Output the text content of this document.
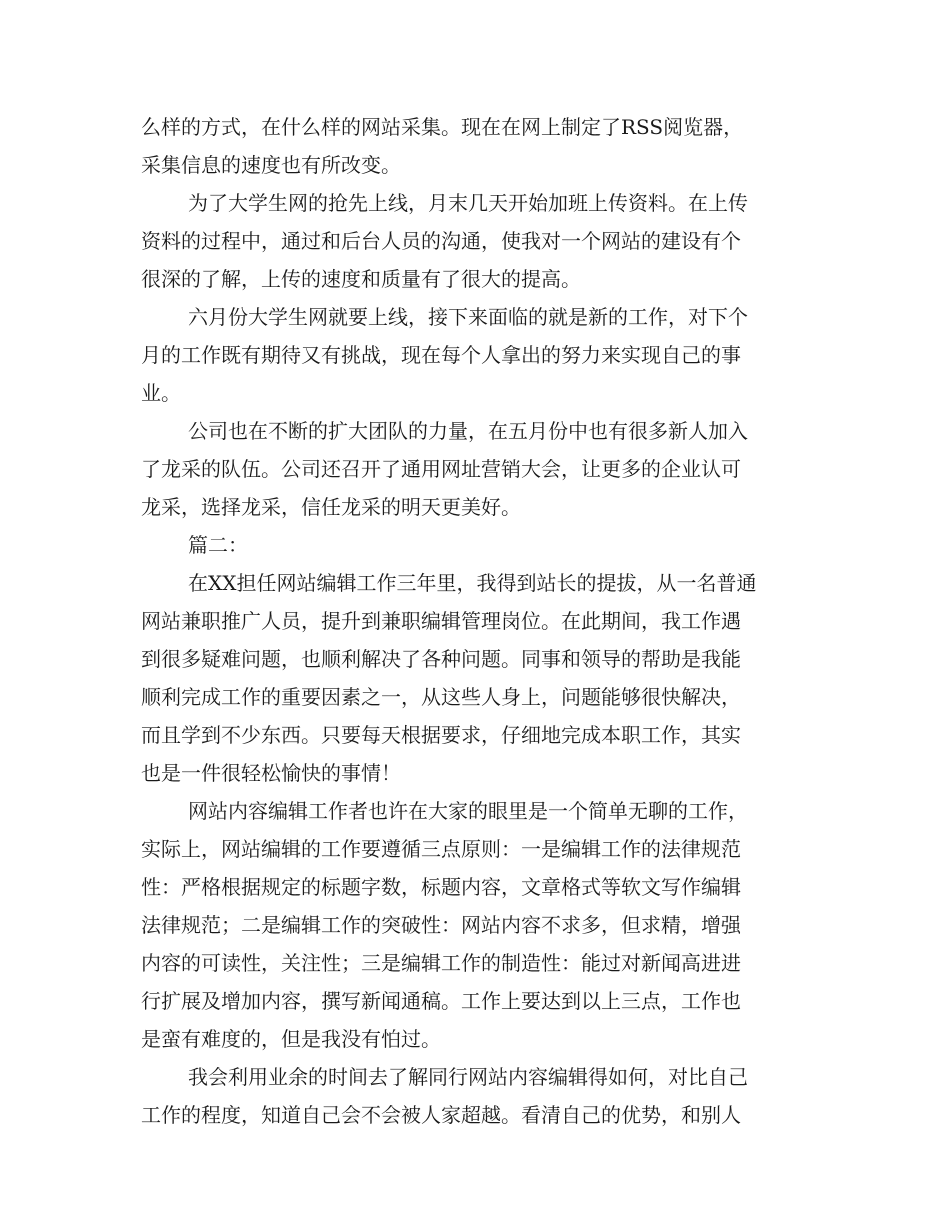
么样的方式，在什么样的网站采集。现在在网上制定了RSS阅览器，
采集信息的速度也有所改变。
为了大学生网的抢先上线，月末几天开始加班上传资料。在上传
资料的过程中，通过和后台人员的沟通，使我对一个网站的建设有个
很深的了解，上传的速度和质量有了很大的提高。
六月份大学生网就要上线，接下来面临的就是新的工作，对下个
月的工作既有期待又有挑战，现在每个人拿出的努力来实现自己的事
业。
公司也在不断的扩大团队的力量，在五月份中也有很多新人加入
了龙采的队伍。公司还召开了通用网址营销大会，让更多的企业认可
龙采，选择龙采，信任龙采的明天更美好。
篇二：
在XX担任网站编辑工作三年里，我得到站长的提拔，从一名普通
网站兼职推广人员，提升到兼职编辑管理岗位。在此期间，我工作遇
到很多疑难问题，也顺利解决了各种问题。同事和领导的帮助是我能
顺利完成工作的重要因素之一，从这些人身上，问题能够很快解决，
而且学到不少东西。只要每天根据要求，仔细地完成本职工作，其实
也是一件很轻松愉快的事情！
网站内容编辑工作者也许在大家的眼里是一个简单无聊的工作，
实际上，网站编辑的工作要遵循三点原则：一是编辑工作的法律规范
性：严格根据规定的标题字数，标题内容，文章格式等软文写作编辑
法律规范；二是编辑工作的突破性：网站内容不求多，但求精，增强
内容的可读性，关注性；三是编辑工作的制造性：能过对新闻高进进
行扩展及增加内容，撰写新闻通稿。工作上要达到以上三点，工作也
是蛮有难度的，但是我没有怕过。
我会利用业余的时间去了解同行网站内容编辑得如何，对比自己
工作的程度，知道自己会不会被人家超越。看清自己的优势，和别人
